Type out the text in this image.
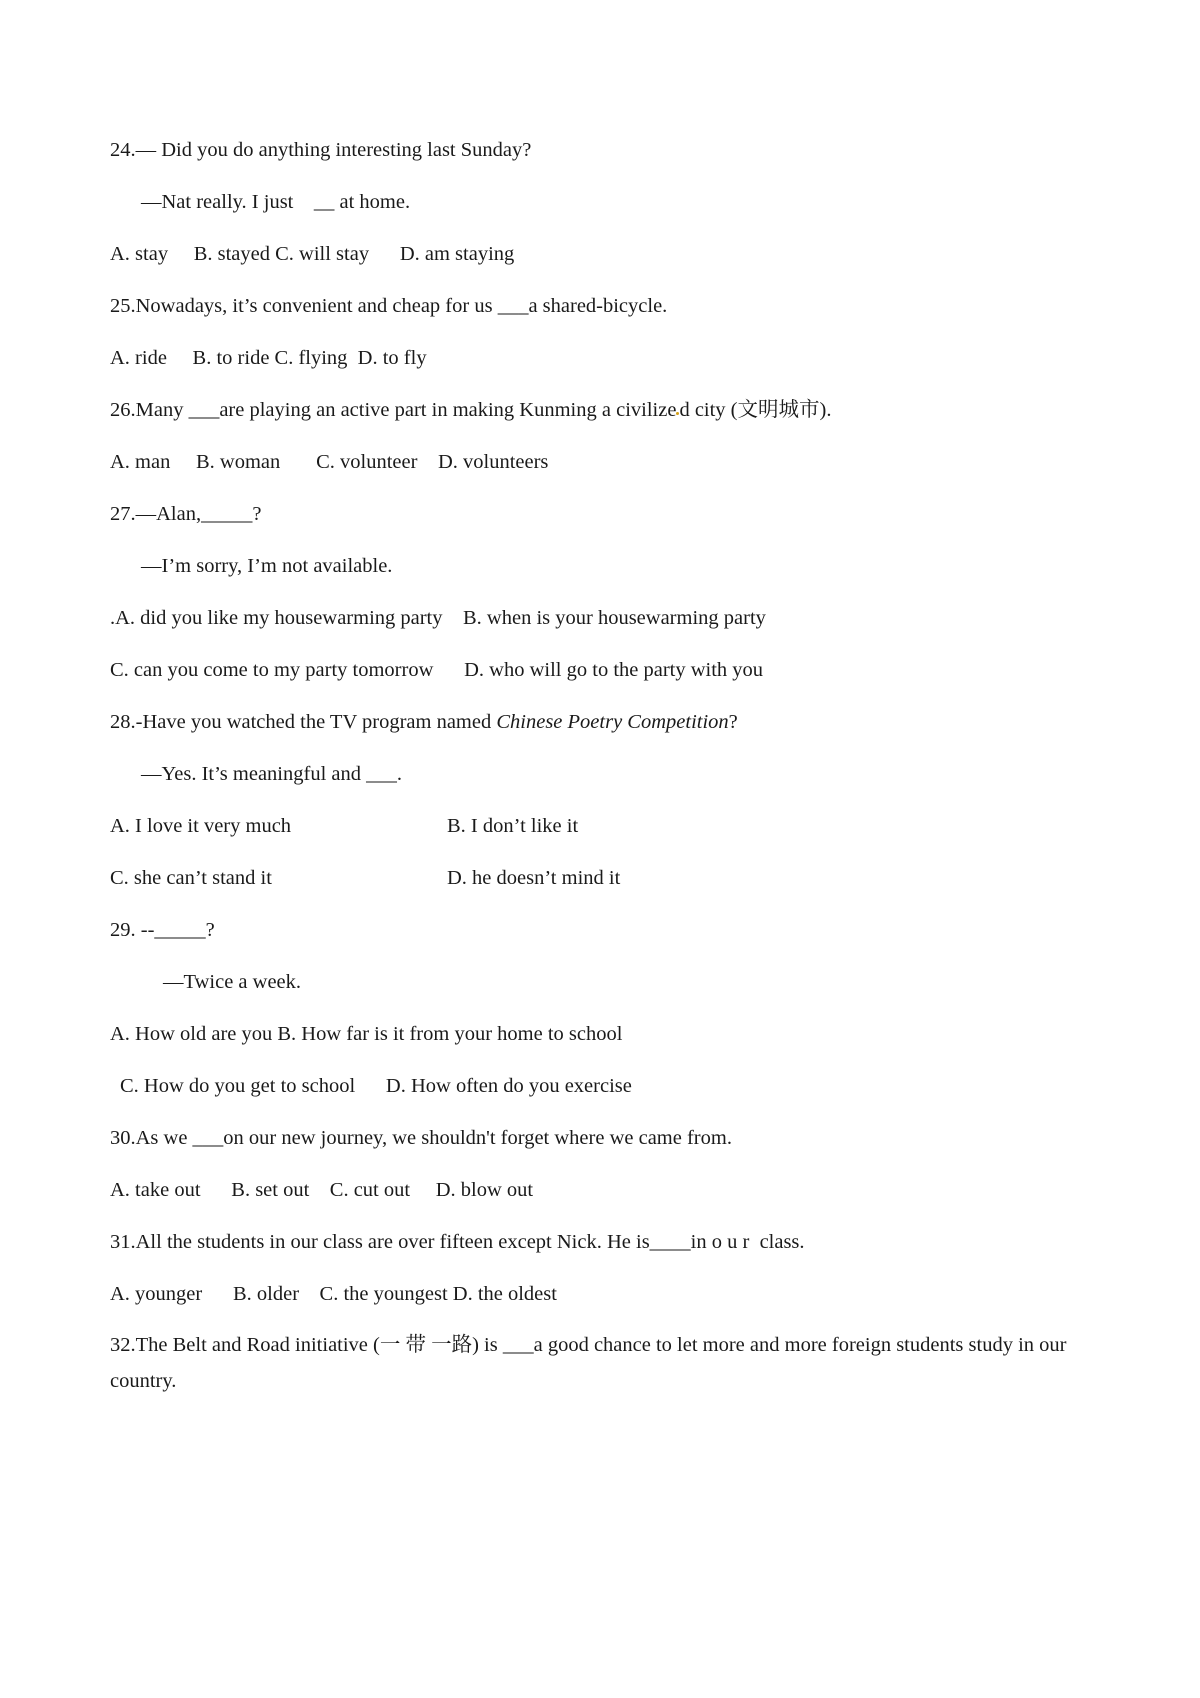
24.— Did you do anything interesting last Sunday?
—Nat really. I just    __ at home.
A. stay     B. stayed C. will stay      D. am staying
25.Nowadays, it’s convenient and cheap for us ___a shared-bicycle.
A. ride     B. to ride C. flying  D. to fly
26.Many ___are playing an active part in making Kunming a civilize d city (文明城市).
A. man     B. woman       C. volunteer    D. volunteers
27.—Alan,_____?
—I’m sorry, I’m not available.
.A. did you like my housewarming party    B. when is your housewarming party
C. can you come to my party tomorrow      D. who will go to the party with you
28.-Have you watched the TV program named Chinese Poetry Competition?
—Yes. It’s meaningful and ___.
A. I love it very much	B. I don’t like it
C. she can’t stand it	D. he doesn’t mind it
29. --_____?
—Twice a week.
A. How old are you B. How far is it from your home to school
C. How do you get to school      D. How often do you exercise
30.As we ___on our new journey, we shouldn't forget where we came from.
A. take out      B. set out    C. cut out     D. blow out
31.All the students in our class are over fifteen except Nick. He is____in o u r  class.
A. younger      B. older    C. the youngest D. the oldest
32.The Belt and Road initiative (一 带 一路) is ___a good chance to let more and more foreign students study in our country.
